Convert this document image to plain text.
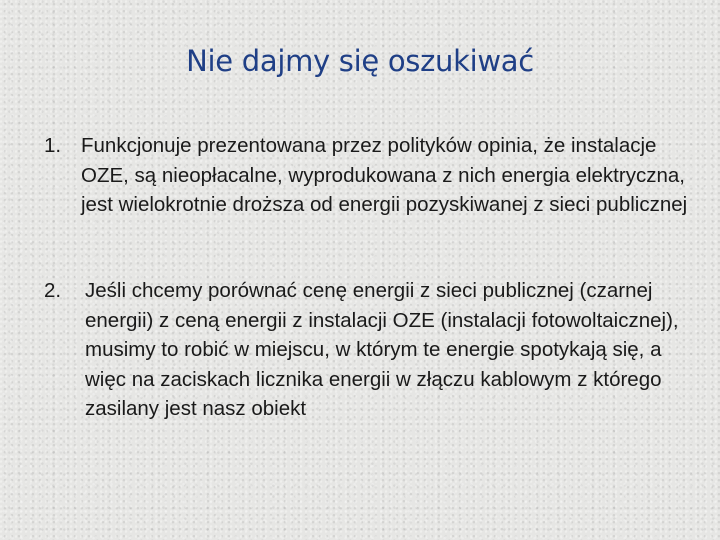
Nie dajmy się oszukiwać
1. Funkcjonuje prezentowana przez polityków opinia, że instalacje OZE, są nieopłacalne, wyprodukowana z nich energia elektryczna, jest wielokrotnie droższa od energii pozyskiwanej z sieci publicznej
2. Jeśli chcemy porównać cenę energii z sieci publicznej (czarnej energii) z ceną energii z instalacji OZE (instalacji fotowoltaicznej), musimy to robić w miejscu, w którym te energie spotykają się, a więc na zaciskach licznika energii w złączu kablowym z którego zasilany jest nasz obiekt
